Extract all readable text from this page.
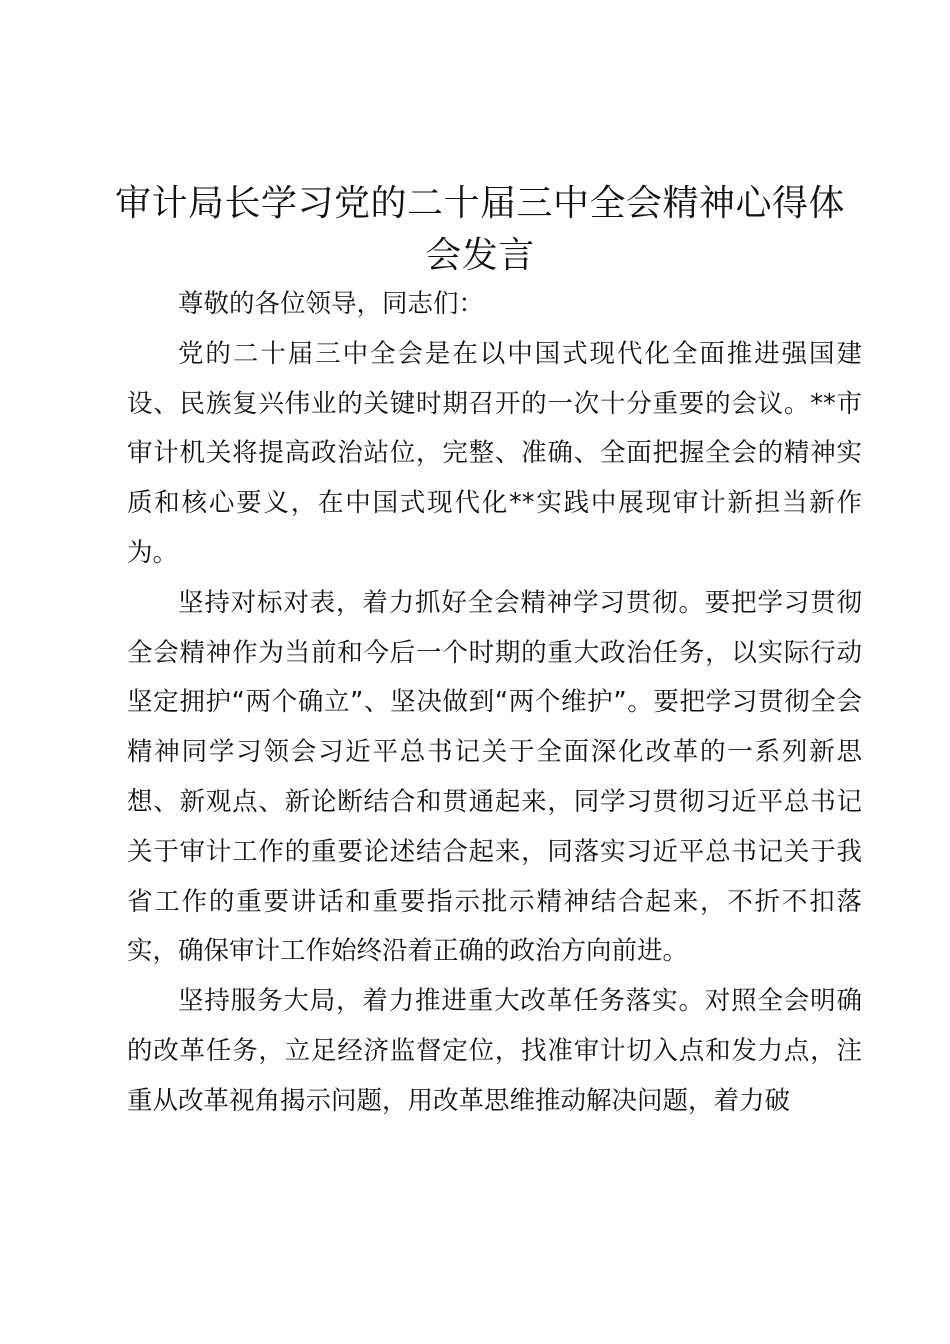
审计局长学习党的二十届三中全会精神心得体会发言

尊敬的各位领导，同志们：

党的二十届三中全会是在以中国式现代化全面推进强国建设、民族复兴伟业的关键时期召开的一次十分重要的会议。**市审计机关将提高政治站位，完整、准确、全面把握全会的精神实质和核心要义，在中国式现代化**实践中展现审计新担当新作为。

坚持对标对表，着力抓好全会精神学习贯彻。要把学习贯彻全会精神作为当前和今后一个时期的重大政治任务，以实际行动坚定拥护“两个确立”、坚决做到“两个维护”。要把学习贯彻全会精神同学习领会习近平总书记关于全面深化改革的一系列新思想、新观点、新论断结合和贯通起来，同学习贯彻习近平总书记关于审计工作的重要论述结合起来，同落实习近平总书记关于我省工作的重要讲话和重要指示批示精神结合起来，不折不扣落实，确保审计工作始终沿着正确的政治方向前进。

坚持服务大局，着力推进重大改革任务落实。对照全会明确的改革任务，立足经济监督定位，找准审计切入点和发力点，注重从改革视角揭示问题，用改革思维推动解决问题，着力破
